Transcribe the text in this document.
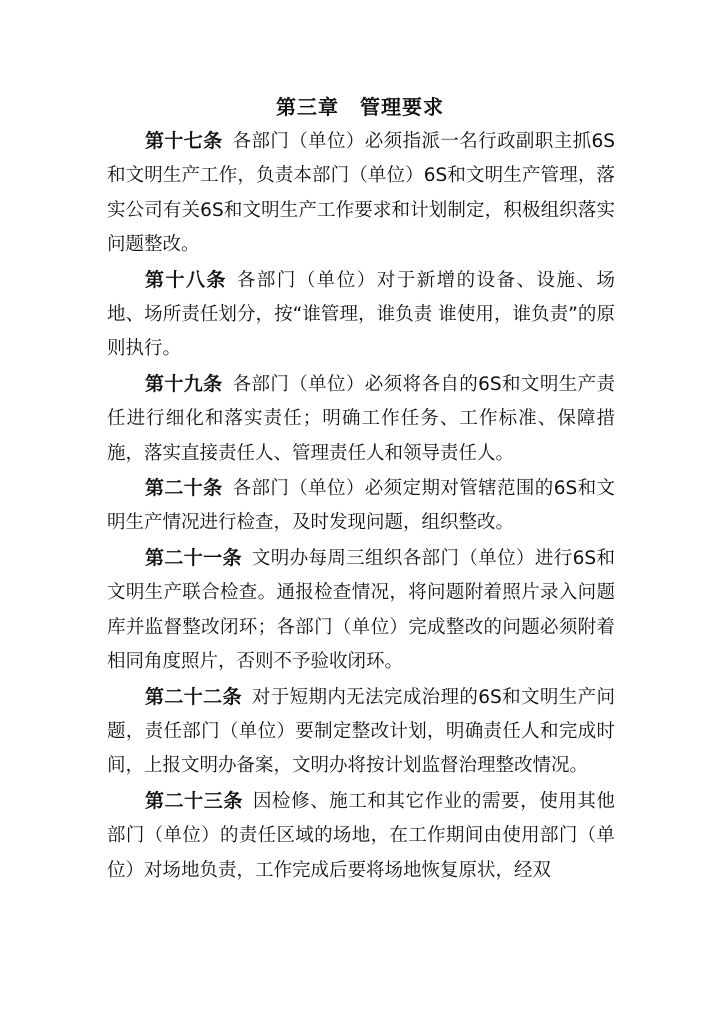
第三章　管理要求

第十七条 各部门（单位）必须指派一名行政副职主抓6S和文明生产工作，负责本部门（单位）6S和文明生产管理，落实公司有关6S和文明生产工作要求和计划制定，积极组织落实问题整改。

第十八条 各部门（单位）对于新增的设备、设施、场地、场所责任划分，按“谁管理，谁负责 谁使用，谁负责”的原则执行。

第十九条 各部门（单位）必须将各自的6S和文明生产责任进行细化和落实责任；明确工作任务、工作标准、保障措施，落实直接责任人、管理责任人和领导责任人。

第二十条 各部门（单位）必须定期对管辖范围的6S和文明生产情况进行检查，及时发现问题，组织整改。

第二十一条 文明办每周三组织各部门（单位）进行6S和文明生产联合检查。通报检查情况，将问题附着照片录入问题库并监督整改闭环；各部门（单位）完成整改的问题必须附着相同角度照片，否则不予验收闭环。

第二十二条 对于短期内无法完成治理的6S和文明生产问题，责任部门（单位）要制定整改计划，明确责任人和完成时间，上报文明办备案，文明办将按计划监督治理整改情况。

第二十三条 因检修、施工和其它作业的需要，使用其他部门（单位）的责任区域的场地，在工作期间由使用部门（单位）对场地负责，工作完成后要将场地恢复原状，经双
